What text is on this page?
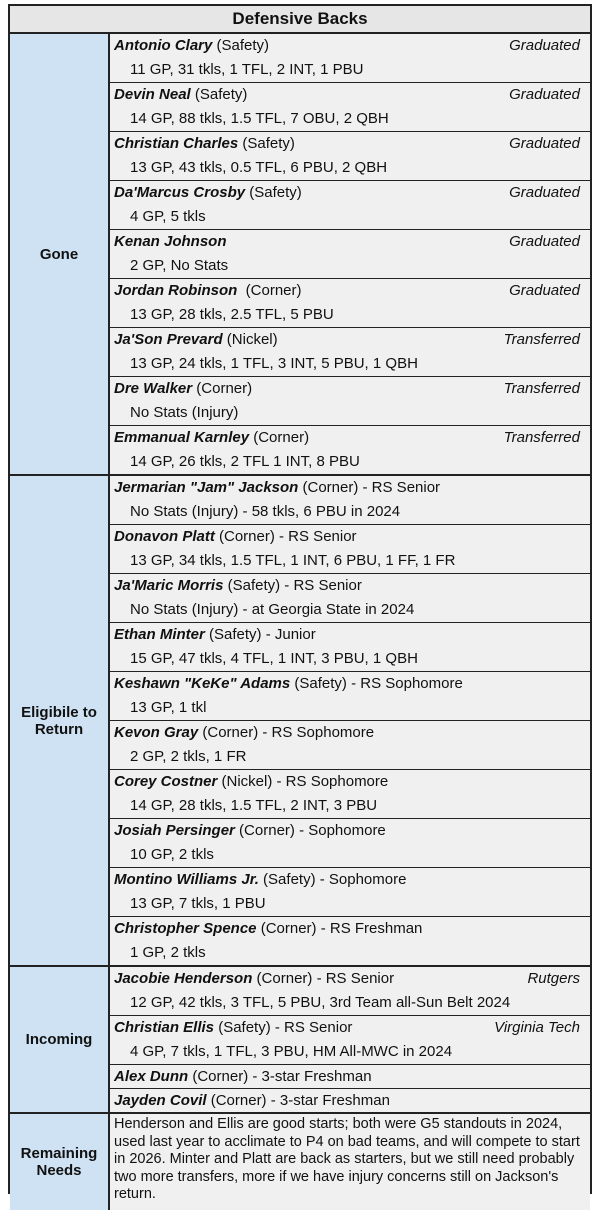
Defensive Backs
Gone
Antonio Clary (Safety)	Graduated
11 GP, 31 tkls, 1 TFL, 2 INT, 1 PBU
Devin Neal (Safety)	Graduated
14 GP, 88 tkls, 1.5 TFL, 7 OBU, 2 QBH
Christian Charles (Safety)	Graduated
13 GP, 43 tkls, 0.5 TFL, 6 PBU, 2 QBH
Da'Marcus Crosby (Safety)	Graduated
4 GP, 5 tkls
Kenan Johnson	Graduated
2 GP, No Stats
Jordan Robinson (Corner)	Graduated
13 GP, 28 tkls, 2.5 TFL, 5 PBU
Ja'Son Prevard (Nickel)	Transferred
13 GP, 24 tkls, 1 TFL, 3 INT, 5 PBU, 1 QBH
Dre Walker (Corner)	Transferred
No Stats (Injury)
Emmanual Karnley (Corner)	Transferred
14 GP, 26 tkls, 2 TFL 1 INT, 8 PBU
Eligibile to Return
Jermarian "Jam" Jackson (Corner) - RS Senior
No Stats (Injury) - 58 tkls, 6 PBU in 2024
Donavon Platt (Corner) - RS Senior
13 GP, 34 tkls, 1.5 TFL, 1 INT, 6 PBU, 1 FF, 1 FR
Ja'Maric Morris (Safety) - RS Senior
No Stats (Injury) - at Georgia State in 2024
Ethan Minter (Safety) - Junior
15 GP, 47 tkls, 4 TFL, 1 INT, 3 PBU, 1 QBH
Keshawn "KeKe" Adams (Safety) - RS Sophomore
13 GP, 1 tkl
Kevon Gray (Corner) - RS Sophomore
2 GP, 2 tkls, 1 FR
Corey Costner (Nickel) - RS Sophomore
14 GP, 28 tkls, 1.5 TFL, 2 INT, 3 PBU
Josiah Persinger (Corner) - Sophomore
10 GP, 2 tkls
Montino Williams Jr. (Safety) - Sophomore
13 GP, 7 tkls, 1 PBU
Christopher Spence (Corner) - RS Freshman
1 GP, 2 tkls
Incoming
Jacobie Henderson (Corner) - RS Senior	Rutgers
12 GP, 42 tkls, 3 TFL, 5 PBU, 3rd Team all-Sun Belt 2024
Christian Ellis (Safety) - RS Senior	Virginia Tech
4 GP, 7 tkls, 1 TFL, 3 PBU, HM All-MWC in 2024
Alex Dunn (Corner) - 3-star Freshman
Jayden Covil (Corner) - 3-star Freshman
Remaining Needs
Henderson and Ellis are good starts; both were G5 standouts in 2024, used last year to acclimate to P4 on bad teams, and will compete to start in 2026. Minter and Platt are back as starters, but we still need probably two more transfers, more if we have injury concerns still on Jackson's return.
